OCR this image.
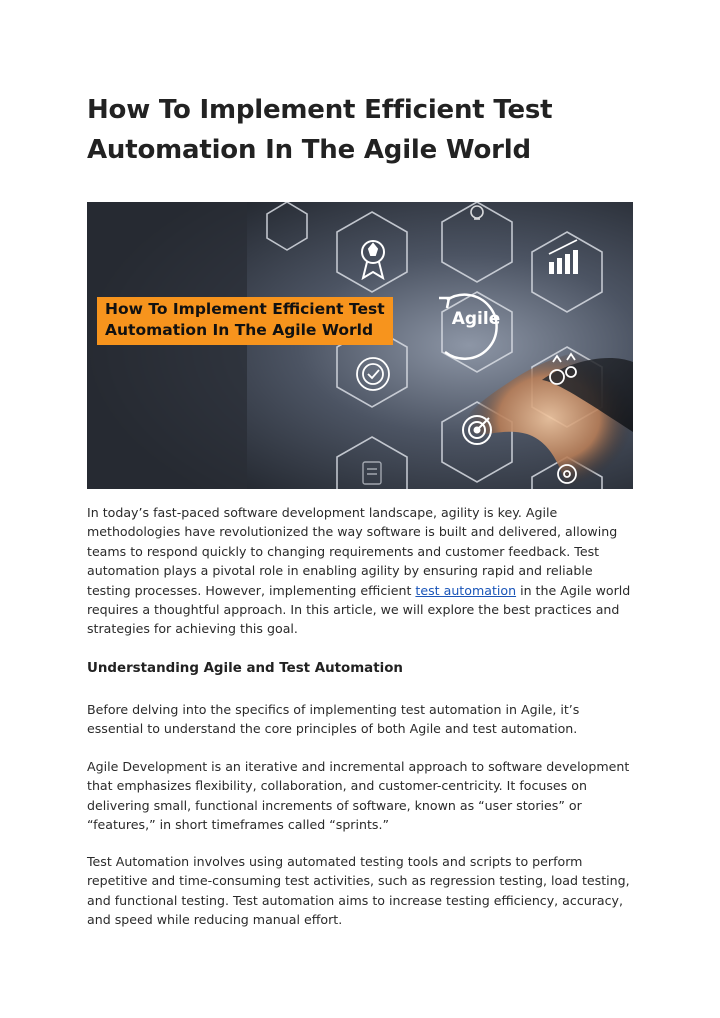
How To Implement Efficient Test Automation In The Agile World
Agile
How To Implement Efficient Test
Automation In The Agile World

In today’s fast-paced software development landscape, agility is key. Agile methodologies have revolutionized the way software is built and delivered, allowing teams to respond quickly to changing requirements and customer feedback. Test automation plays a pivotal role in enabling agility by ensuring rapid and reliable testing processes. However, implementing efficient test automation in the Agile world requires a thoughtful approach. In this article, we will explore the best practices and strategies for achieving this goal.

Understanding Agile and Test Automation

Before delving into the specifics of implementing test automation in Agile, it’s essential to understand the core principles of both Agile and test automation.

Agile Development is an iterative and incremental approach to software development that emphasizes flexibility, collaboration, and customer-centricity. It focuses on delivering small, functional increments of software, known as “user stories” or “features,” in short timeframes called “sprints.”

Test Automation involves using automated testing tools and scripts to perform repetitive and time-consuming test activities, such as regression testing, load testing, and functional testing. Test automation aims to increase testing efficiency, accuracy, and speed while reducing manual effort.
